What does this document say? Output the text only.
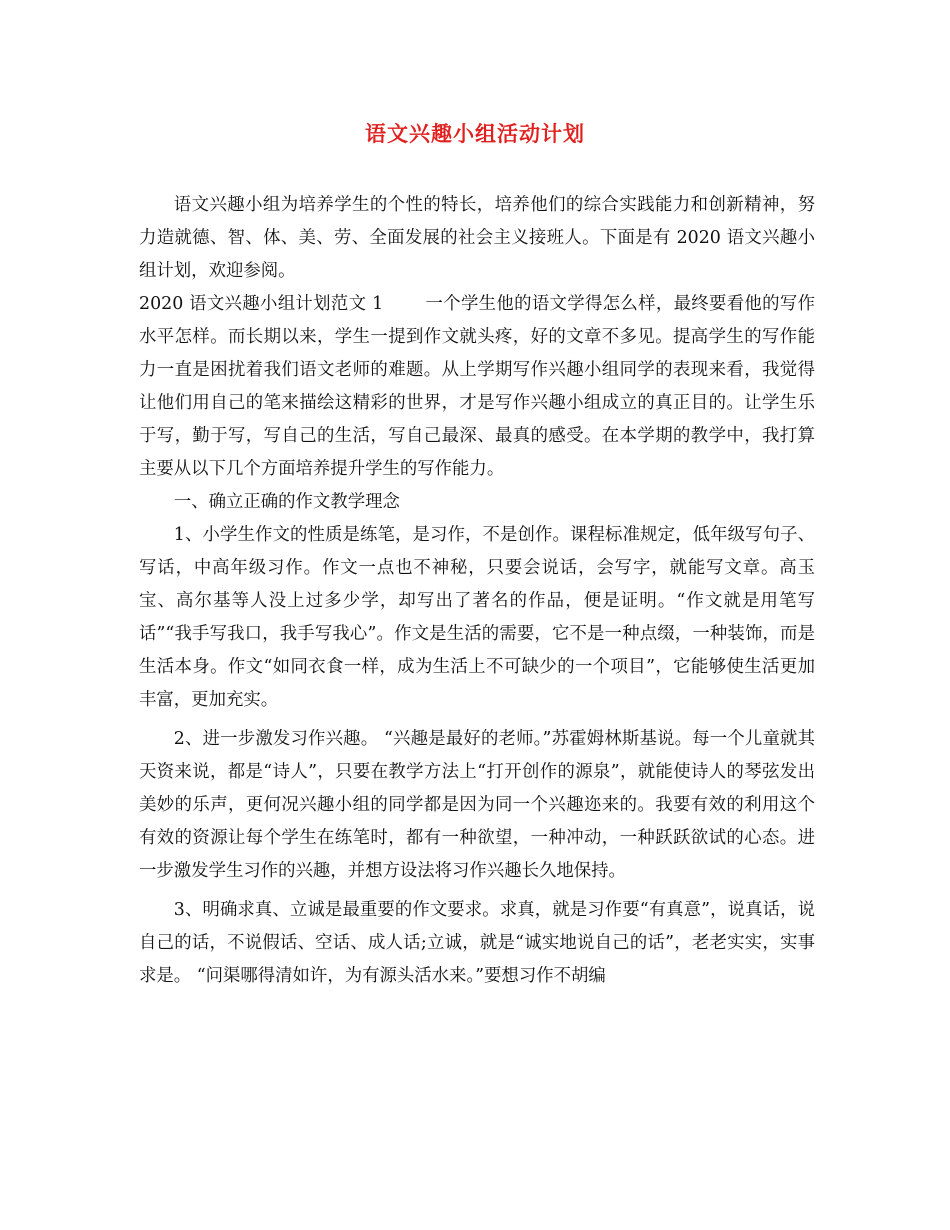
语文兴趣小组活动计划

语文兴趣小组为培养学生的个性的特长，培养他们的综合实践能力和创新精神，努力造就德、智、体、美、劳、全面发展的社会主义接班人。下面是有 2020 语文兴趣小组计划，欢迎参阅。

2020 语文兴趣小组计划范文 1 一个学生他的语文学得怎么样，最终要看他的写作水平怎样。而长期以来，学生一提到作文就头疼，好的文章不多见。提高学生的写作能力一直是困扰着我们语文老师的难题。从上学期写作兴趣小组同学的表现来看，我觉得让他们用自己的笔来描绘这精彩的世界，才是写作兴趣小组成立的真正目的。让学生乐于写，勤于写，写自己的生活，写自己最深、最真的感受。在本学期的教学中，我打算主要从以下几个方面培养提升学生的写作能力。

一、确立正确的作文教学理念

1、小学生作文的性质是练笔，是习作，不是创作。课程标准规定，低年级写句子、写话，中高年级习作。作文一点也不神秘，只要会说话，会写字，就能写文章。高玉宝、高尔基等人没上过多少学，却写出了著名的作品，便是证明。“作文就是用笔写话”“我手写我口，我手写我心”。作文是生活的需要，它不是一种点缀，一种装饰，而是生活本身。作文“如同衣食一样，成为生活上不可缺少的一个项目”，它能够使生活更加丰富，更加充实。

2、进一步激发习作兴趣。 “兴趣是最好的老师。”苏霍姆林斯基说。每一个儿童就其天资来说，都是“诗人”，只要在教学方法上“打开创作的源泉”，就能使诗人的琴弦发出美妙的乐声，更何况兴趣小组的同学都是因为同一个兴趣迩来的。我要有效的利用这个有效的资源让每个学生在练笔时，都有一种欲望，一种冲动，一种跃跃欲试的心态。进一步激发学生习作的兴趣，并想方设法将习作兴趣长久地保持。

3、明确求真、立诚是最重要的作文要求。求真，就是习作要“有真意”，说真话，说自己的话，不说假话、空话、成人话;立诚，就是“诚实地说自己的话”，老老实实，实事求是。 “问渠哪得清如许，为有源头活水来。”要想习作不胡编
